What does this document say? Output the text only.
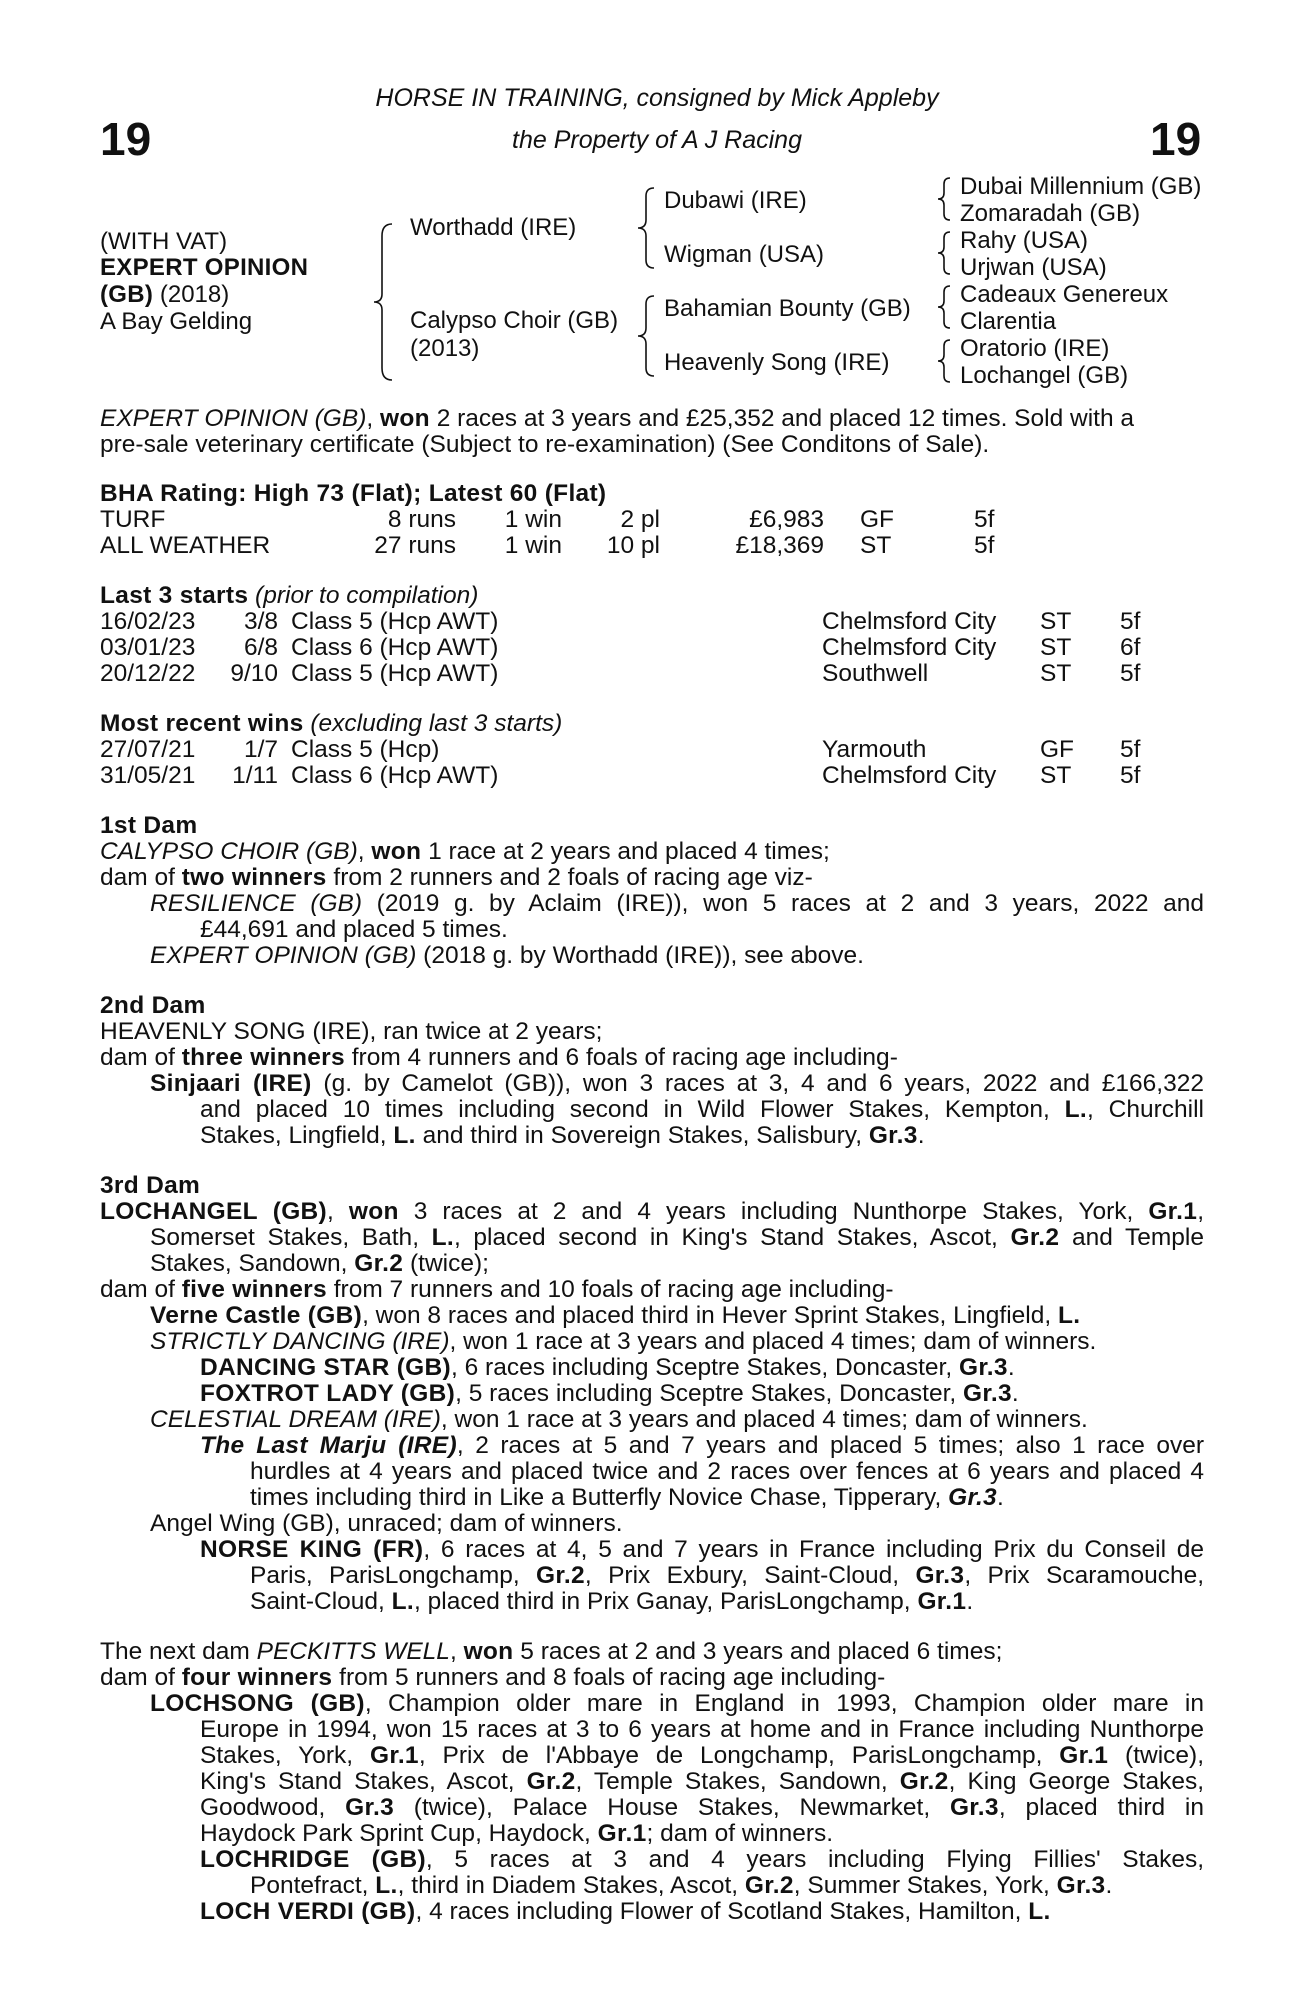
HORSE IN TRAINING, consigned by Mick Appleby
the Property of A J Racing
19	19
(WITH VAT)
EXPERT OPINION
(GB) (2018)
A Bay Gelding
Worthadd (IRE)
Calypso Choir (GB)
(2013)
Dubawi (IRE)
Wigman (USA)
Bahamian Bounty (GB)
Heavenly Song (IRE)
Dubai Millennium (GB)
Zomaradah (GB)
Rahy (USA)
Urjwan (USA)
Cadeaux Genereux
Clarentia
Oratorio (IRE)
Lochangel (GB)
EXPERT OPINION (GB), won 2 races at 3 years and £25,352 and placed 12 times. Sold with a
pre-sale veterinary certificate (Subject to re-examination) (See Conditons of Sale).
BHA Rating: High 73 (Flat); Latest 60 (Flat)
TURF	8 runs	1 win	2 pl	£6,983 GF	5f
ALL WEATHER	27 runs	1 win	10 pl	£18,369 ST	5f
Last 3 starts (prior to compilation)
16/02/23	3/8 Class 5 (Hcp AWT)	Chelmsford City ST 5f
03/01/23	6/8 Class 6 (Hcp AWT)	Chelmsford City ST 6f
20/12/22	9/10 Class 5 (Hcp AWT)	Southwell	ST 5f
Most recent wins (excluding last 3 starts)
27/07/21	1/7 Class 5 (Hcp)	Yarmouth	GF 5f
31/05/21	1/11 Class 6 (Hcp AWT)	Chelmsford City ST 5f
1st Dam
CALYPSO CHOIR (GB), won 1 race at 2 years and placed 4 times;
dam of two winners from 2 runners and 2 foals of racing age viz-
RESILIENCE (GB) (2019 g. by Aclaim (IRE)), won 5 races at 2 and 3 years, 2022 and
£44,691 and placed 5 times.
EXPERT OPINION (GB) (2018 g. by Worthadd (IRE)), see above.
2nd Dam
HEAVENLY SONG (IRE), ran twice at 2 years;
dam of three winners from 4 runners and 6 foals of racing age including-
Sinjaari (IRE) (g. by Camelot (GB)), won 3 races at 3, 4 and 6 years, 2022 and £166,322
and placed 10 times including second in Wild Flower Stakes, Kempton, L., Churchill
Stakes, Lingfield, L. and third in Sovereign Stakes, Salisbury, Gr.3.
3rd Dam
LOCHANGEL (GB), won 3 races at 2 and 4 years including Nunthorpe Stakes, York, Gr.1,
Somerset Stakes, Bath, L., placed second in King's Stand Stakes, Ascot, Gr.2 and Temple
Stakes, Sandown, Gr.2 (twice);
dam of five winners from 7 runners and 10 foals of racing age including-
Verne Castle (GB), won 8 races and placed third in Hever Sprint Stakes, Lingfield, L.
STRICTLY DANCING (IRE), won 1 race at 3 years and placed 4 times; dam of winners.
DANCING STAR (GB), 6 races including Sceptre Stakes, Doncaster, Gr.3.
FOXTROT LADY (GB), 5 races including Sceptre Stakes, Doncaster, Gr.3.
CELESTIAL DREAM (IRE), won 1 race at 3 years and placed 4 times; dam of winners.
The Last Marju (IRE), 2 races at 5 and 7 years and placed 5 times; also 1 race over
hurdles at 4 years and placed twice and 2 races over fences at 6 years and placed 4
times including third in Like a Butterfly Novice Chase, Tipperary, Gr.3.
Angel Wing (GB), unraced; dam of winners.
NORSE KING (FR), 6 races at 4, 5 and 7 years in France including Prix du Conseil de
Paris, ParisLongchamp, Gr.2, Prix Exbury, Saint-Cloud, Gr.3, Prix Scaramouche,
Saint-Cloud, L., placed third in Prix Ganay, ParisLongchamp, Gr.1.
The next dam PECKITTS WELL, won 5 races at 2 and 3 years and placed 6 times;
dam of four winners from 5 runners and 8 foals of racing age including-
LOCHSONG (GB), Champion older mare in England in 1993, Champion older mare in
Europe in 1994, won 15 races at 3 to 6 years at home and in France including Nunthorpe
Stakes, York, Gr.1, Prix de l'Abbaye de Longchamp, ParisLongchamp, Gr.1 (twice),
King's Stand Stakes, Ascot, Gr.2, Temple Stakes, Sandown, Gr.2, King George Stakes,
Goodwood, Gr.3 (twice), Palace House Stakes, Newmarket, Gr.3, placed third in
Haydock Park Sprint Cup, Haydock, Gr.1; dam of winners.
LOCHRIDGE (GB), 5 races at 3 and 4 years including Flying Fillies' Stakes,
Pontefract, L., third in Diadem Stakes, Ascot, Gr.2, Summer Stakes, York, Gr.3.
LOCH VERDI (GB), 4 races including Flower of Scotland Stakes, Hamilton, L.
